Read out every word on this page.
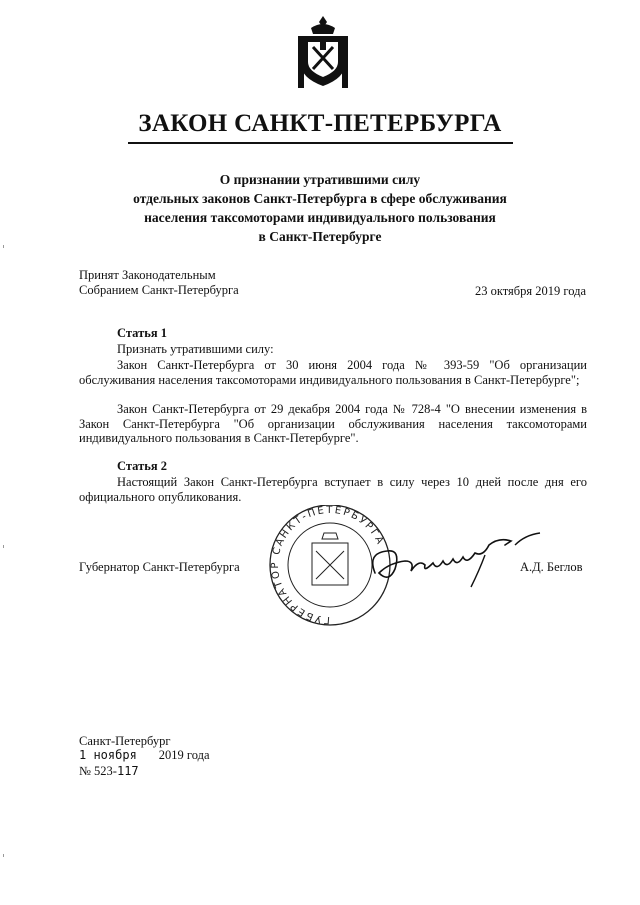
ЗАКОН САНКТ-ПЕТЕРБУРГА
О признании утратившими силу
отдельных законов Санкт-Петербурга в сфере обслуживания
населения таксомоторами индивидуального пользования
в Санкт-Петербурге
Принят Законодательным
Собранием Санкт-Петербурга	23 октября 2019 года
Статья 1
Признать утратившими силу:
Закон Санкт-Петербурга от 30 июня 2004 года № 393-59 "Об организации обслуживания населения таксомоторами индивидуального пользования в Санкт-Петербурге";
Закон Санкт-Петербурга от 29 декабря 2004 года № 728-4 "О внесении изменения в Закон Санкт-Петербурга "Об организации обслуживания населения таксомоторами индивидуального пользования в Санкт-Петербурге".
Статья 2
Настоящий Закон Санкт-Петербурга вступает в силу через 10 дней после дня его официального опубликования.
ГУБЕРНАТОР САНКТ-ПЕТЕРБУРГА
Губернатор Санкт-Петербурга	А.Д. Беглов
Санкт-Петербург
1 ноября 2019 года
№ 523-117
